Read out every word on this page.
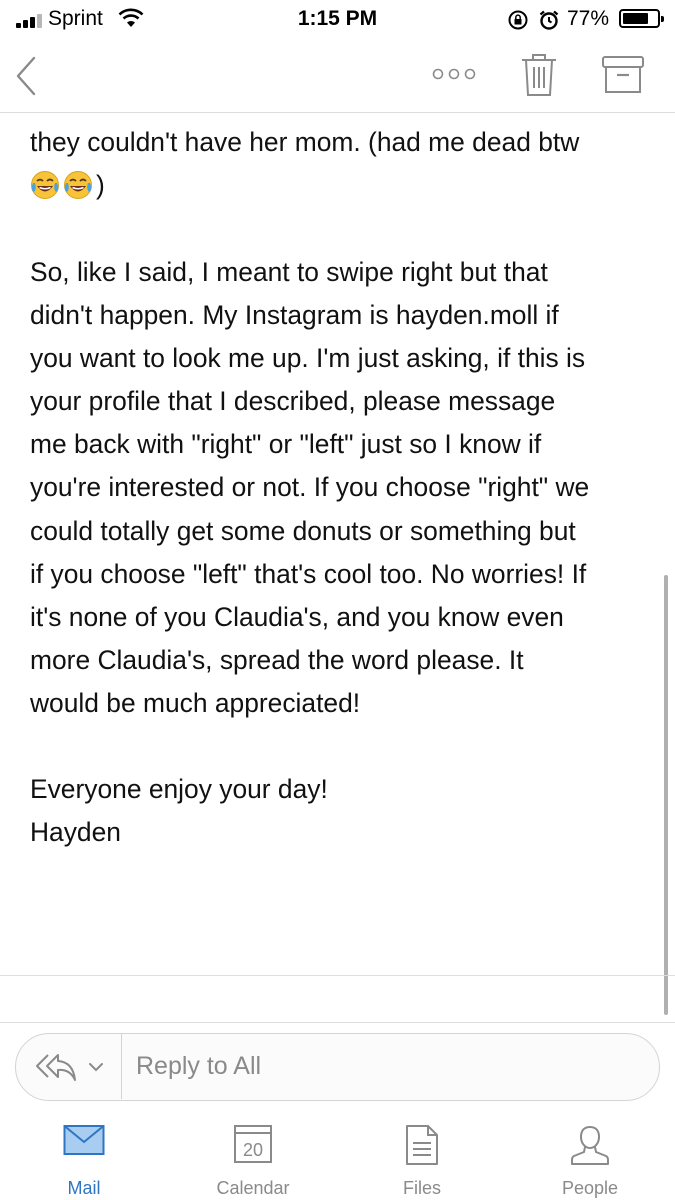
Sprint	1:15 PM	77%
they couldn't have her mom. (had me dead btw
)
So, like I said, I meant to swipe right but that
didn't happen. My Instagram is hayden.moll if
you want to look me up. I'm just asking, if this is
your profile that I described, please message
me back with "right" or "left" just so I know if
you're interested or not. If you choose "right" we
could totally get some donuts or something but
if you choose "left" that's cool too. No worries! If
it's none of you Claudia's, and you know even
more Claudia's, spread the word please. It
would be much appreciated!
Everyone enjoy your day!
Hayden
Reply to All
Mail
20
Calendar	Files	People
